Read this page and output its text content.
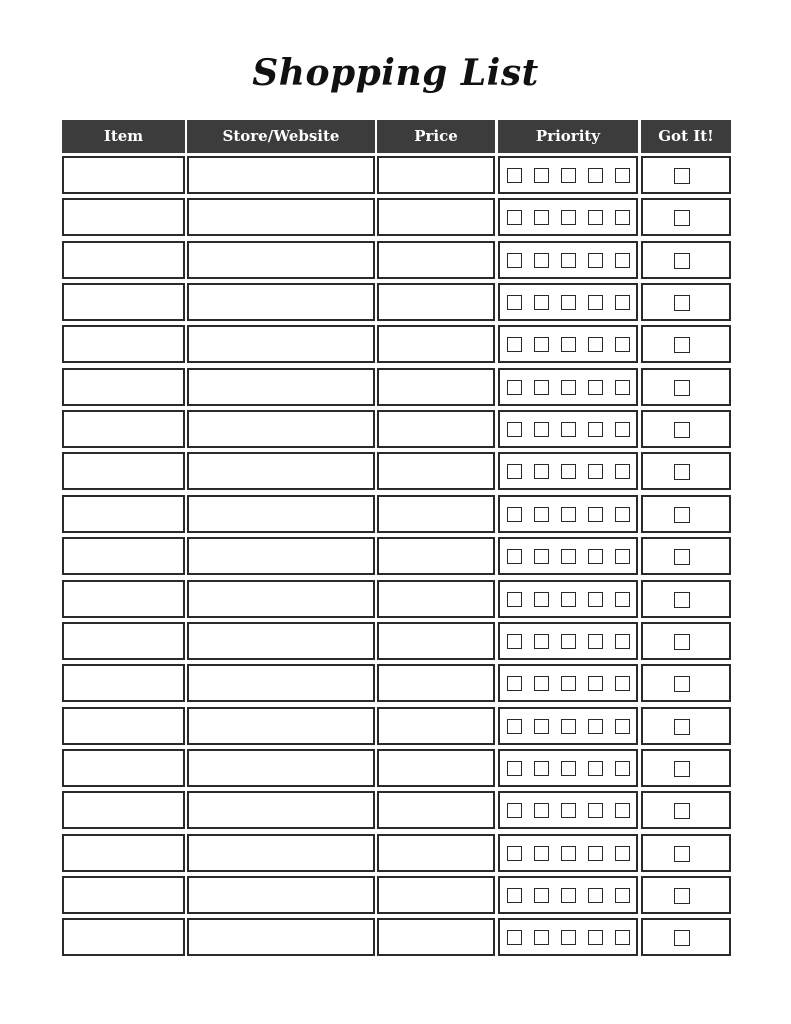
Shopping List
Item	Store/Website	Price	Priority	Got It!
